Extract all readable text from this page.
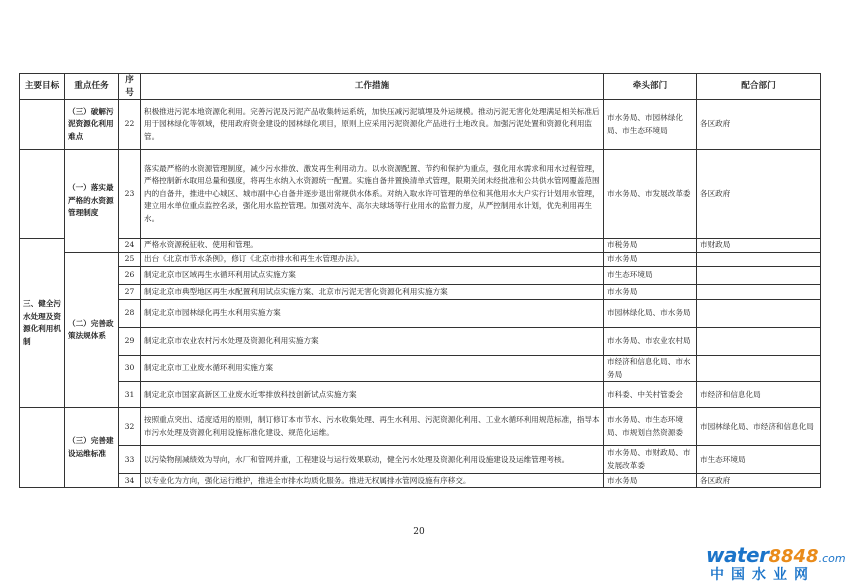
主要目标	重点任务	序号	工作措施	牵头部门	配合部门
	（三）破解污泥资源化利用难点	22	积极推进污泥本地资源化利用。完善污泥及污泥产品收集转运系统，加快压减污泥填埋及外运规模。推动污泥无害化处理满足相关标准后用于园林绿化等领域，使用政府资金建设的园林绿化项目，原则上应采用污泥资源化产品进行土地改良。加强污泥处置和资源化利用监管。	市水务局、市园林绿化局、市生态环境局	各区政府
	（一）落实最严格的水资源管理制度	23	落实最严格的水资源管理制度，减少污水排放、激发再生利用动力。以水资源配置、节约和保护为重点，强化用水需求和用水过程管理，严格控制新水取用总量和强度，将再生水纳入水资源统一配置。实施自备井置换清单式管理，限期关闭未经批准和公共供水管网覆盖范围内的自备井，推进中心城区、城市副中心自备井逐步退出常规供水体系。对纳入取水许可管理的单位和其他用水大户实行计划用水管理，建立用水单位重点监控名录，强化用水监控管理。加强对洗车、高尔夫球场等行业用水的监督力度，从严控制用水计划，优先利用再生水。	市水务局、市发展改革委	各区政府
三、健全污水处理及资源化利用机制		24	严格水资源税征收、使用和管理。	市税务局	市财政局
	（二）完善政策法规体系	25	出台《北京市节水条例》，修订《北京市排水和再生水管理办法》。	市水务局	
		26	制定北京市区域再生水循环利用试点实施方案	市生态环境局	
		27	制定北京市典型地区再生水配置利用试点实施方案、北京市污泥无害化资源化利用实施方案	市水务局	
		28	制定北京市园林绿化再生水利用实施方案	市园林绿化局、市水务局	
		29	制定北京市农业农村污水处理及资源化利用实施方案	市水务局、市农业农村局	
		30	制定北京市工业废水循环利用实施方案	市经济和信息化局、市水务局	
		31	制定北京市国家高新区工业废水近零排放科技创新试点实施方案	市科委、中关村管委会	市经济和信息化局
	（三）完善建设运维标准	32	按照重点突出、适度适用的原则，制订修订本市节水、污水收集处理、再生水利用、污泥资源化利用、工业水循环利用规范标准，指导本市污水处理及资源化利用设施标准化建设、规范化运维。	市水务局、市生态环境局、市规划自然资源委	市园林绿化局、市经济和信息化局
		33	以污染物削减绩效为导向，水厂和管网并重，工程建设与运行效果联动，健全污水处理及资源化利用设施建设及运维管理考核。	市水务局、市财政局、市发展改革委	市生态环境局
		34	以专业化为方向，强化运行维护，推进全市排水均质化服务。推进无权属排水管网设施有序移交。	市水务局	各区政府
20
water8848.com
中国水业网
